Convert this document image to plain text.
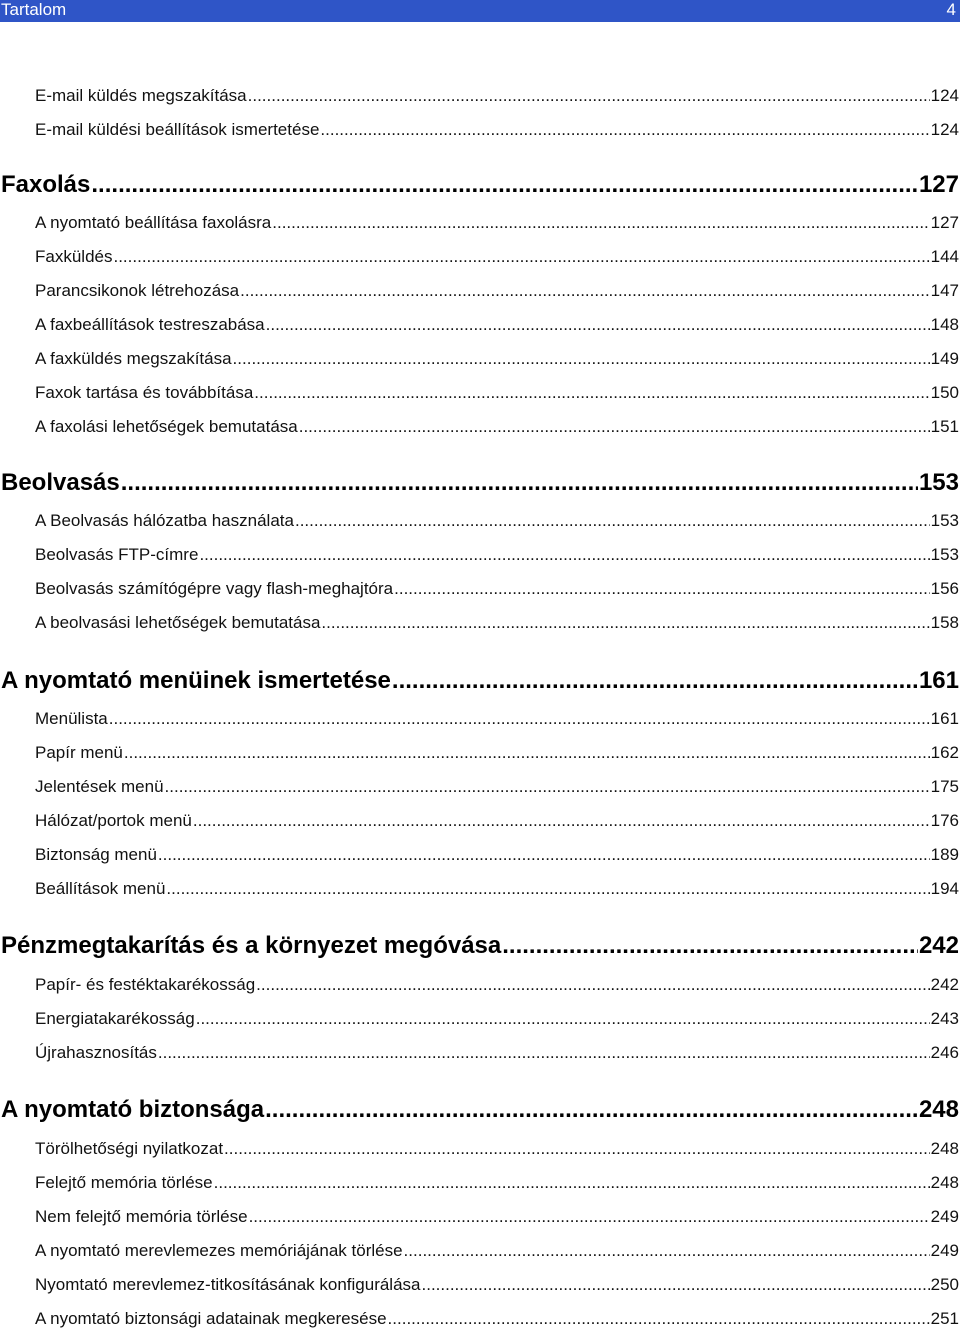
Tartalom	4
E-mail küldés megszakítása .....	124
E-mail küldési beállítások ismertetése .....	124
Faxolás .....	127
A nyomtató beállítása faxolásra .....	127
Faxküldés .....	144
Parancsikonok létrehozása .....	147
A faxbeállítások testreszabása .....	148
A faxküldés megszakítása .....	149
Faxok tartása és továbbítása .....	150
A faxolási lehetőségek bemutatása .....	151
Beolvasás .....	153
A Beolvasás hálózatba használata .....	153
Beolvasás FTP-címre .....	153
Beolvasás számítógépre vagy flash-meghajtóra .....	156
A beolvasási lehetőségek bemutatása .....	158
A nyomtató menüinek ismertetése .....	161
Menülista .....	161
Papír menü .....	162
Jelentések menü .....	175
Hálózat/portok menü .....	176
Biztonság menü .....	189
Beállítások menü .....	194
Pénzmegtakarítás és a környezet megóvása .....	242
Papír- és festéktakarékosság .....	242
Energiatakarékosság .....	243
Újrahasznosítás .....	246
A nyomtató biztonsága .....	248
Törölhetőségi nyilatkozat .....	248
Felejtő memória törlése .....	248
Nem felejtő memória törlése .....	249
A nyomtató merevlemezes memóriájának törlése .....	249
Nyomtató merevlemez-titkosításának konfigurálása .....	250
A nyomtató biztonsági adatainak megkeresése .....	251
